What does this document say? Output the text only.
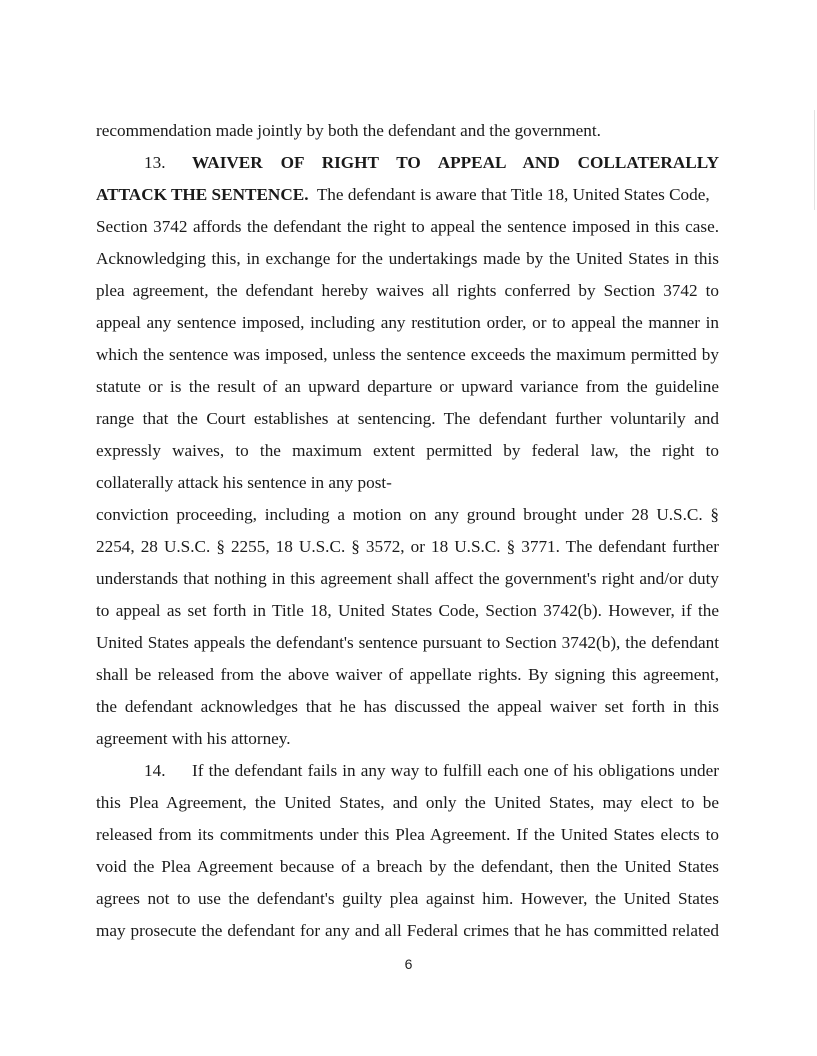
recommendation made jointly by both the defendant and the government.
13. WAIVER OF RIGHT TO APPEAL AND COLLATERALLY
ATTACK THE SENTENCE. The defendant is aware that Title 18, United States Code,
Section 3742 affords the defendant the right to appeal the sentence imposed in this case.
Acknowledging this, in exchange for the undertakings made by the United States in this
plea agreement, the defendant hereby waives all rights conferred by Section 3742 to
appeal any sentence imposed, including any restitution order, or to appeal the manner in
which the sentence was imposed, unless the sentence exceeds the maximum permitted by
statute or is the result of an upward departure or upward variance from the guideline
range that the Court establishes at sentencing. The defendant further voluntarily and
expressly waives, to the maximum extent permitted by federal law, the right to
collaterally attack his sentence in any post-
conviction proceeding, including a motion on any ground brought under 28 U.S.C. §
2254, 28 U.S.C. § 2255, 18 U.S.C. § 3572, or 18 U.S.C. § 3771. The defendant further
understands that nothing in this agreement shall affect the government's right and/or duty
to appeal as set forth in Title 18, United States Code, Section 3742(b). However, if the
United States appeals the defendant's sentence pursuant to Section 3742(b), the defendant
shall be released from the above waiver of appellate rights. By signing this agreement,
the defendant acknowledges that he has discussed the appeal waiver set forth in this
agreement with his attorney.
14. If the defendant fails in any way to fulfill each one of his obligations under
this Plea Agreement, the United States, and only the United States, may elect to be
released from its commitments under this Plea Agreement. If the United States elects to
void the Plea Agreement because of a breach by the defendant, then the United States
agrees not to use the defendant's guilty plea against him. However, the United States
may prosecute the defendant for any and all Federal crimes that he has committed related
6
